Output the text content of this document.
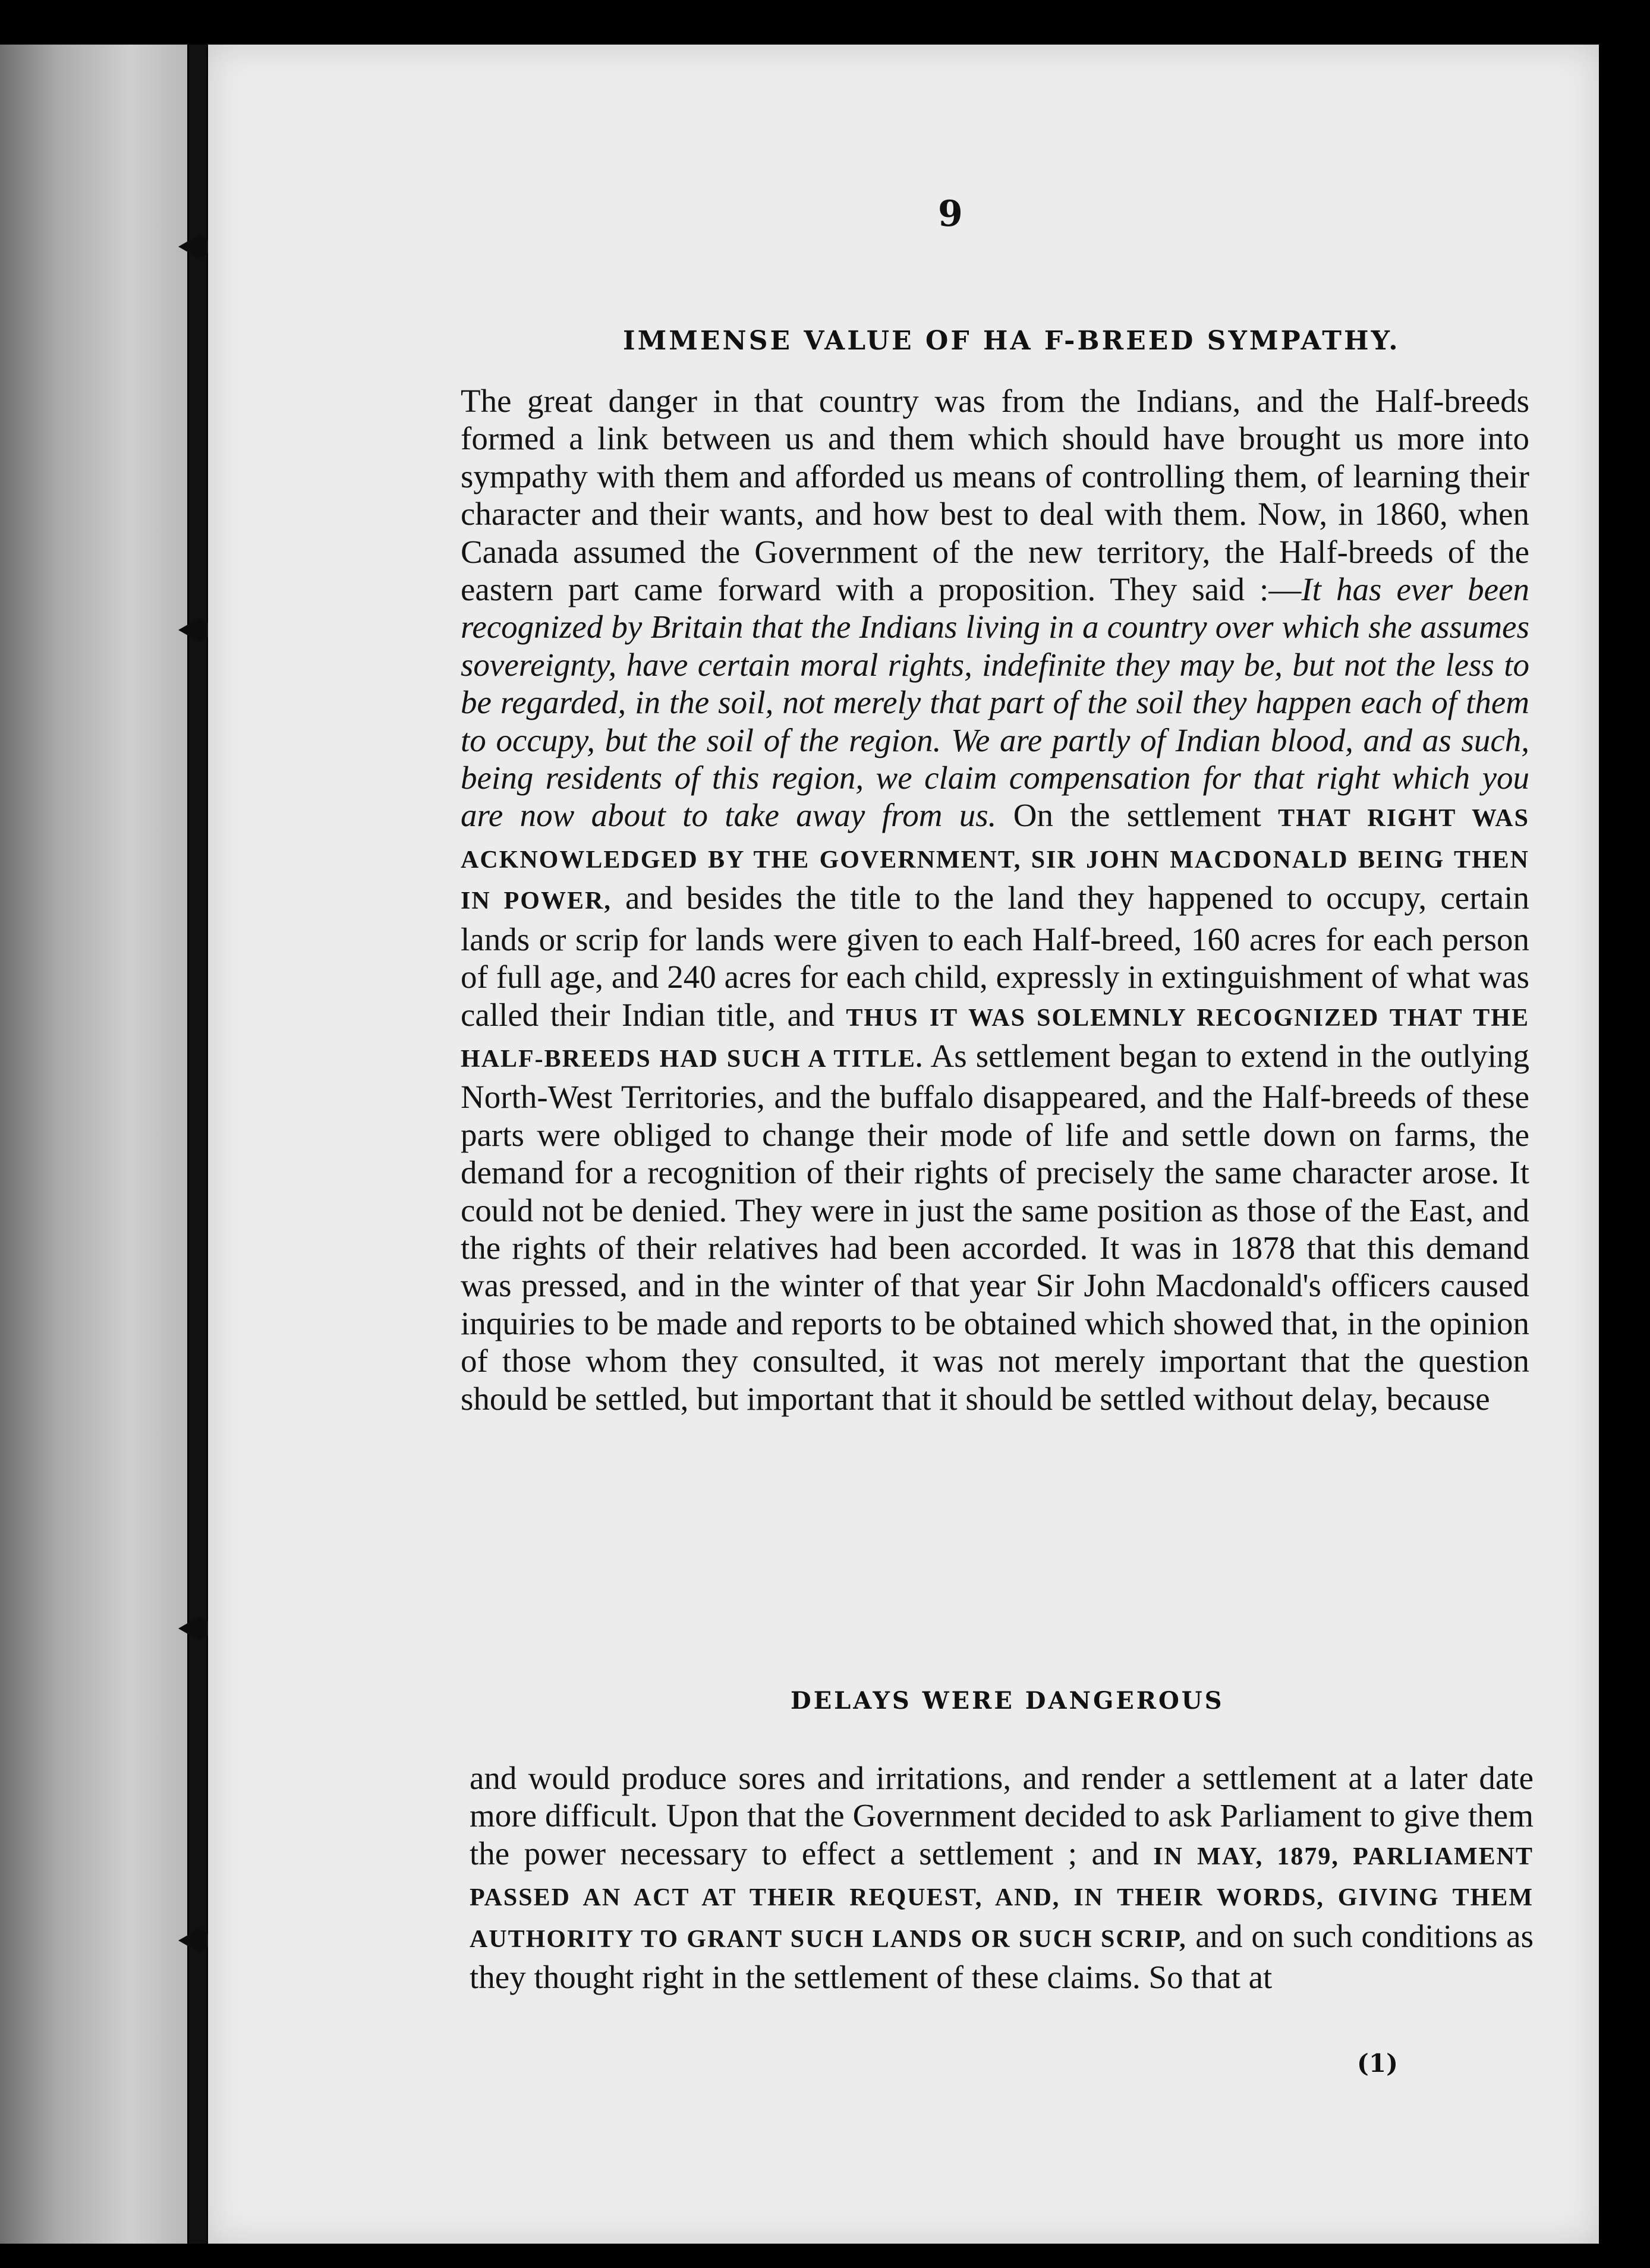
9
IMMENSE VALUE OF HA F-BREED SYMPATHY.
The great danger in that country was from the Indians, and the Half-breeds formed a link between us and them which should have brought us more into sympathy with them and afforded us means of controlling them, of learning their character and their wants, and how best to deal with them. Now, in 1860, when Canada assumed the Government of the new territory, the Half-breeds of the eastern part came forward with a proposition. They said :—It has ever been recognized by Britain that the Indians living in a country over which she assumes sovereignty, have certain moral rights, indefinite they may be, but not the less to be regarded, in the soil, not merely that part of the soil they happen each of them to occupy, but the soil of the region. We are partly of Indian blood, and as such, being residents of this region, we claim compensation for that right which you are now about to take away from us. On the settlement THAT RIGHT WAS ACKNOWLEDGED BY THE GOVERNMENT, SIR JOHN MACDONALD BEING THEN IN POWER, and besides the title to the land they happened to occupy, certain lands or scrip for lands were given to each Half-breed, 160 acres for each person of full age, and 240 acres for each child, expressly in extinguishment of what was called their Indian title, and THUS IT WAS SOLEMNLY RECOGNIZED THAT THE HALF-BREEDS HAD SUCH A TITLE. As settlement began to extend in the outlying North-West Territories, and the buffalo disappeared, and the Half-breeds of these parts were obliged to change their mode of life and settle down on farms, the demand for a recognition of their rights of precisely the same character arose. It could not be denied. They were in just the same position as those of the East, and the rights of their relatives had been accorded. It was in 1878 that this demand was pressed, and in the winter of that year Sir John Macdonald's officers caused inquiries to be made and reports to be obtained which showed that, in the opinion of those whom they consulted, it was not merely important that the question should be settled, but important that it should be settled without delay, because
DELAYS WERE DANGEROUS
and would produce sores and irritations, and render a settlement at a later date more difficult. Upon that the Government decided to ask Parliament to give them the power necessary to effect a settlement ; and IN MAY, 1879, PARLIAMENT PASSED AN ACT AT THEIR REQUEST, AND, IN THEIR WORDS, GIVING THEM AUTHORITY TO GRANT SUCH LANDS OR SUCH SCRIP, and on such conditions as they thought right in the settlement of these claims. So that at
(1)
